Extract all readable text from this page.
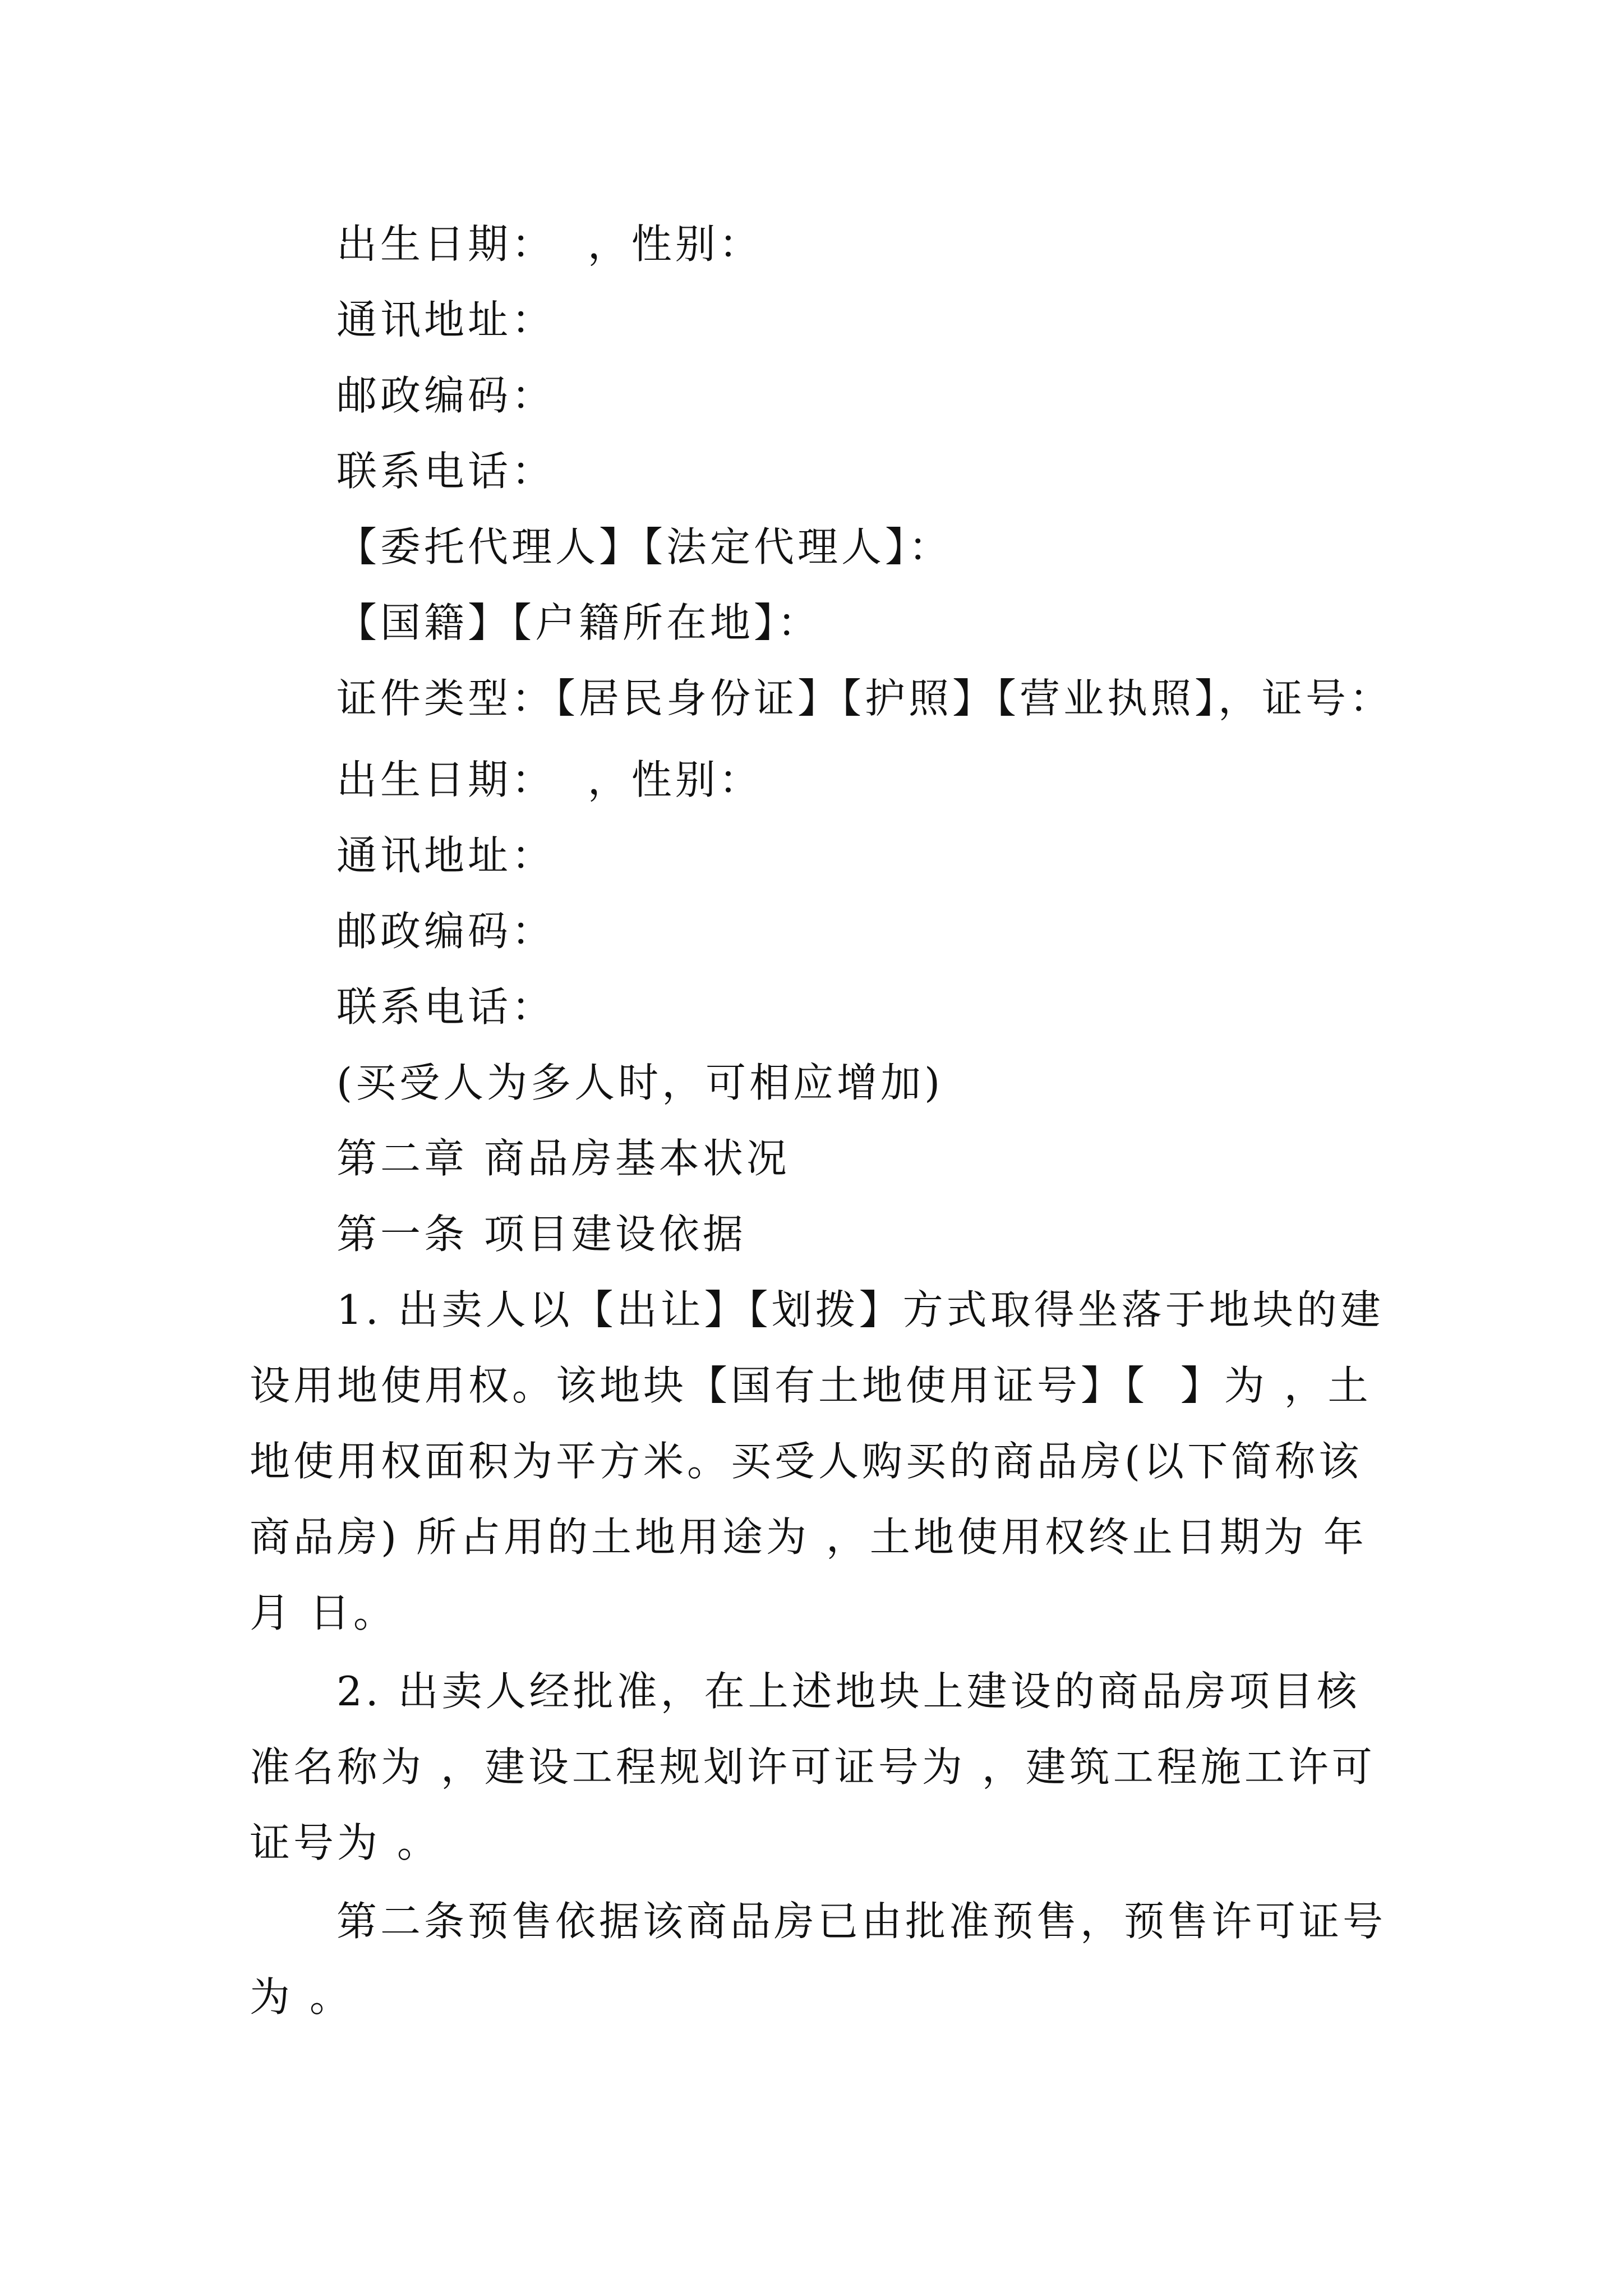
出生日期：  ，性别：
通讯地址：
邮政编码：
联系电话：
【委托代理人】【法定代理人】：
【国籍】【户籍所在地】：
证件类型：【居民身份证】【护照】【营业执照】，证号：
出生日期：  ，性别：
通讯地址：
邮政编码：
联系电话：
(买受人为多人时，可相应增加)
第二章 商品房基本状况
第一条 项目建设依据
1. 出卖人以【出让】【划拨】方式取得坐落于地块的建
设用地使用权。该地块【国有土地使用证号】【  】为 ，土
地使用权面积为平方米。买受人购买的商品房(以下简称该
商品房) 所占用的土地用途为 ，土地使用权终止日期为 年
月 日。
2. 出卖人经批准，在上述地块上建设的商品房项目核
准名称为 ，建设工程规划许可证号为 ，建筑工程施工许可
证号为 。
第二条预售依据该商品房已由批准预售，预售许可证号
为 。
